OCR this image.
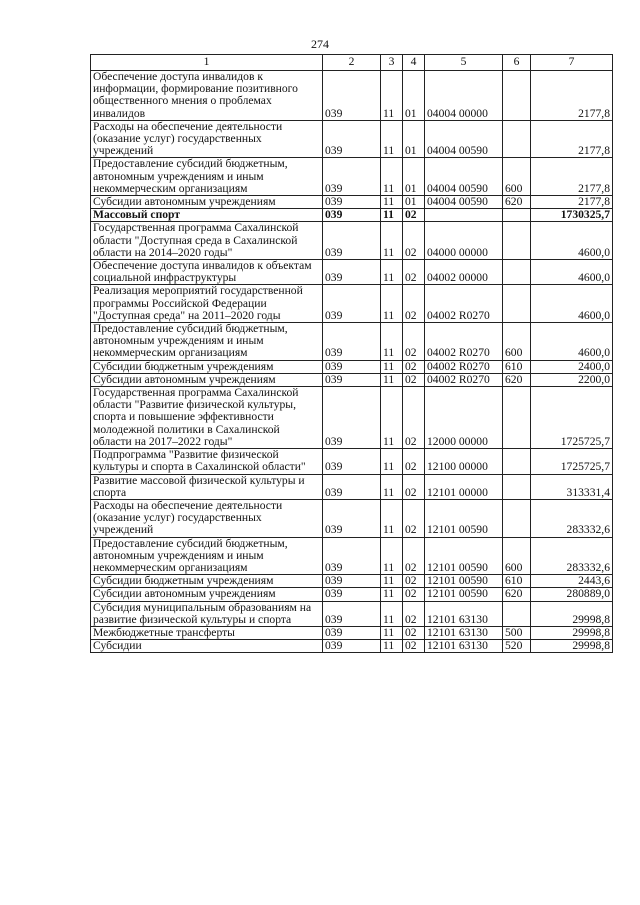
274
1	2	3	4	5	6	7
Обеспечение доступа инвалидов к информации, формирование позитивного общественного мнения о проблемах инвалидов	039	11	01	04004 00000		2177,8
Расходы на обеспечение деятельности (оказание услуг) государственных учреждений	039	11	01	04004 00590		2177,8
Предоставление субсидий бюджетным, автономным учреждениям и иным некоммерческим организациям	039	11	01	04004 00590	600	2177,8
Субсидии автономным учреждениям	039	11	01	04004 00590	620	2177,8
Массовый спорт	039	11	02			1730325,7
Государственная программа Сахалинской области "Доступная среда в Сахалинской области на 2014–2020 годы"	039	11	02	04000 00000		4600,0
Обеспечение доступа инвалидов к объектам социальной инфраструктуры	039	11	02	04002 00000		4600,0
Реализация мероприятий государственной программы Российской Федерации "Доступная среда" на 2011–2020 годы	039	11	02	04002 R0270		4600,0
Предоставление субсидий бюджетным, автономным учреждениям и иным некоммерческим организациям	039	11	02	04002 R0270	600	4600,0
Субсидии бюджетным учреждениям	039	11	02	04002 R0270	610	2400,0
Субсидии автономным учреждениям	039	11	02	04002 R0270	620	2200,0
Государственная программа Сахалинской области "Развитие физической культуры, спорта и повышение эффективности молодежной политики в Сахалинской области на 2017–2022 годы"	039	11	02	12000 00000		1725725,7
Подпрограмма "Развитие физической культуры и спорта в Сахалинской области"	039	11	02	12100 00000		1725725,7
Развитие массовой физической культуры и спорта	039	11	02	12101 00000		313331,4
Расходы на обеспечение деятельности (оказание услуг) государственных учреждений	039	11	02	12101 00590		283332,6
Предоставление субсидий бюджетным, автономным учреждениям и иным некоммерческим организациям	039	11	02	12101 00590	600	283332,6
Субсидии бюджетным учреждениям	039	11	02	12101 00590	610	2443,6
Субсидии автономным учреждениям	039	11	02	12101 00590	620	280889,0
Субсидия муниципальным образованиям на развитие физической культуры и спорта	039	11	02	12101 63130		29998,8
Межбюджетные трансферты	039	11	02	12101 63130	500	29998,8
Субсидии	039	11	02	12101 63130	520	29998,8
